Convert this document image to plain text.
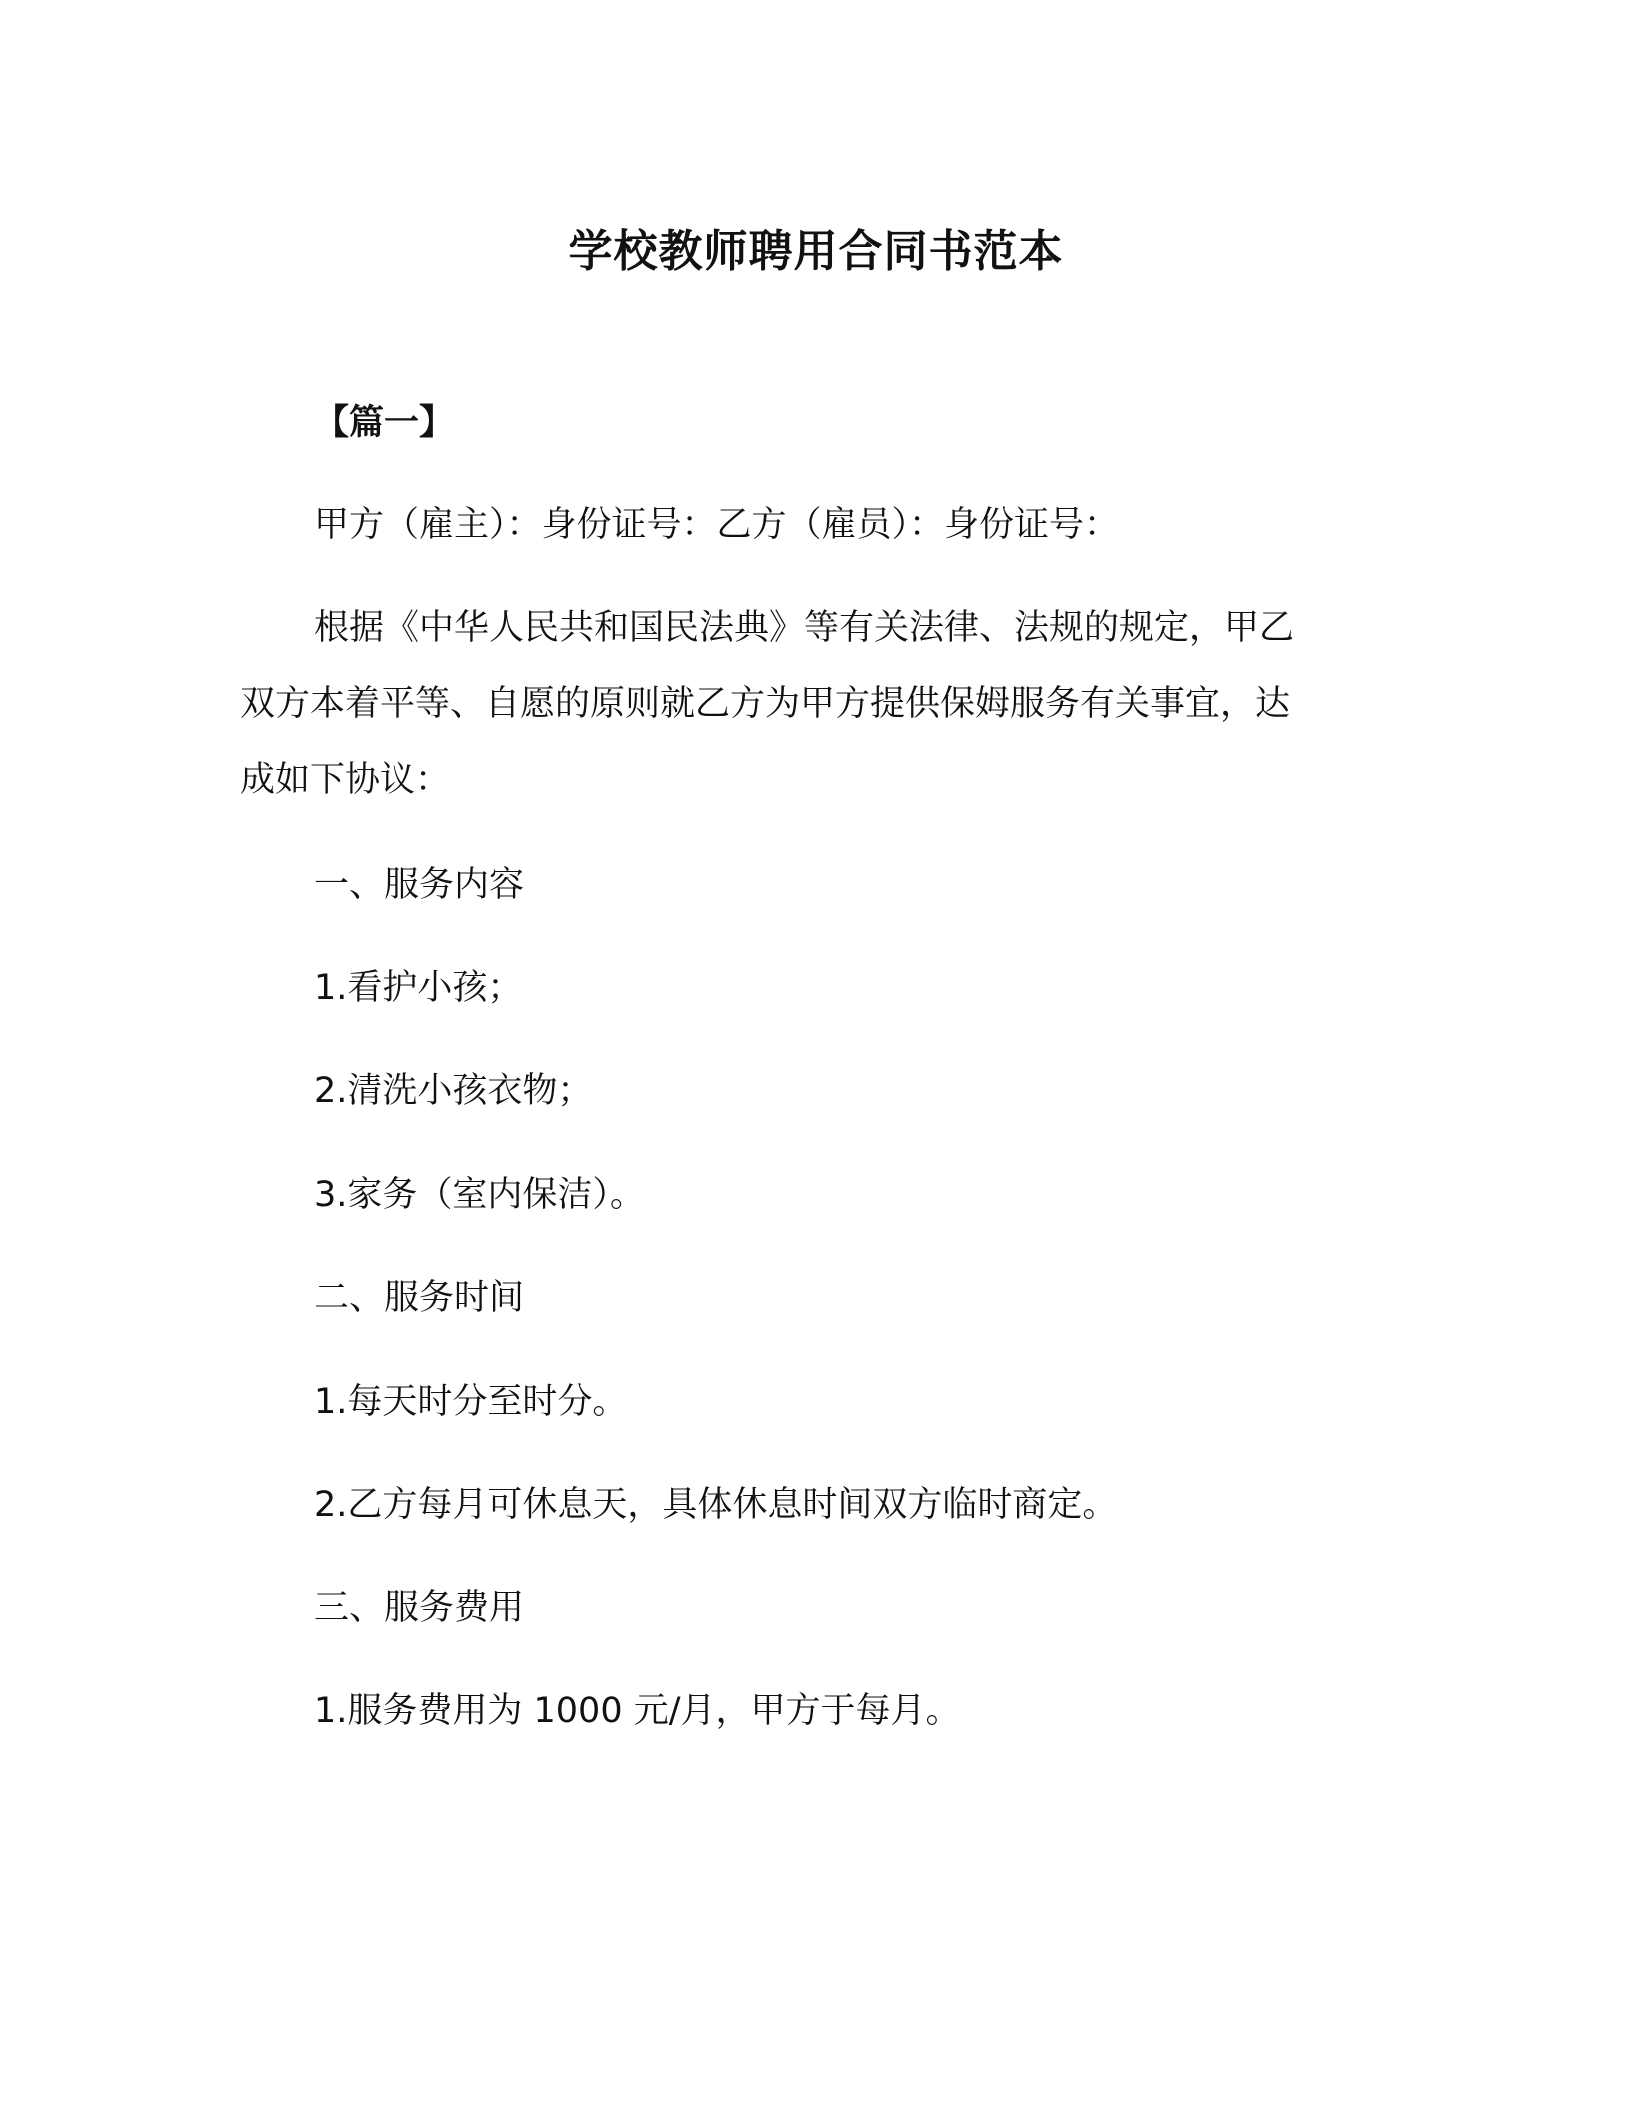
学校教师聘用合同书范本
【篇一】
甲方（雇主）：身份证号：乙方（雇员）：身份证号：
根据《中华人民共和国民法典》等有关法律、法规的规定，甲乙
双方本着平等、自愿的原则就乙方为甲方提供保姆服务有关事宜，达
成如下协议：
一、服务内容
1.看护小孩；
2.清洗小孩衣物；
3.家务（室内保洁）。
二、服务时间
1.每天时分至时分。
2.乙方每月可休息天，具体休息时间双方临时商定。
三、服务费用
1.服务费用为 1000 元/月，甲方于每月。
